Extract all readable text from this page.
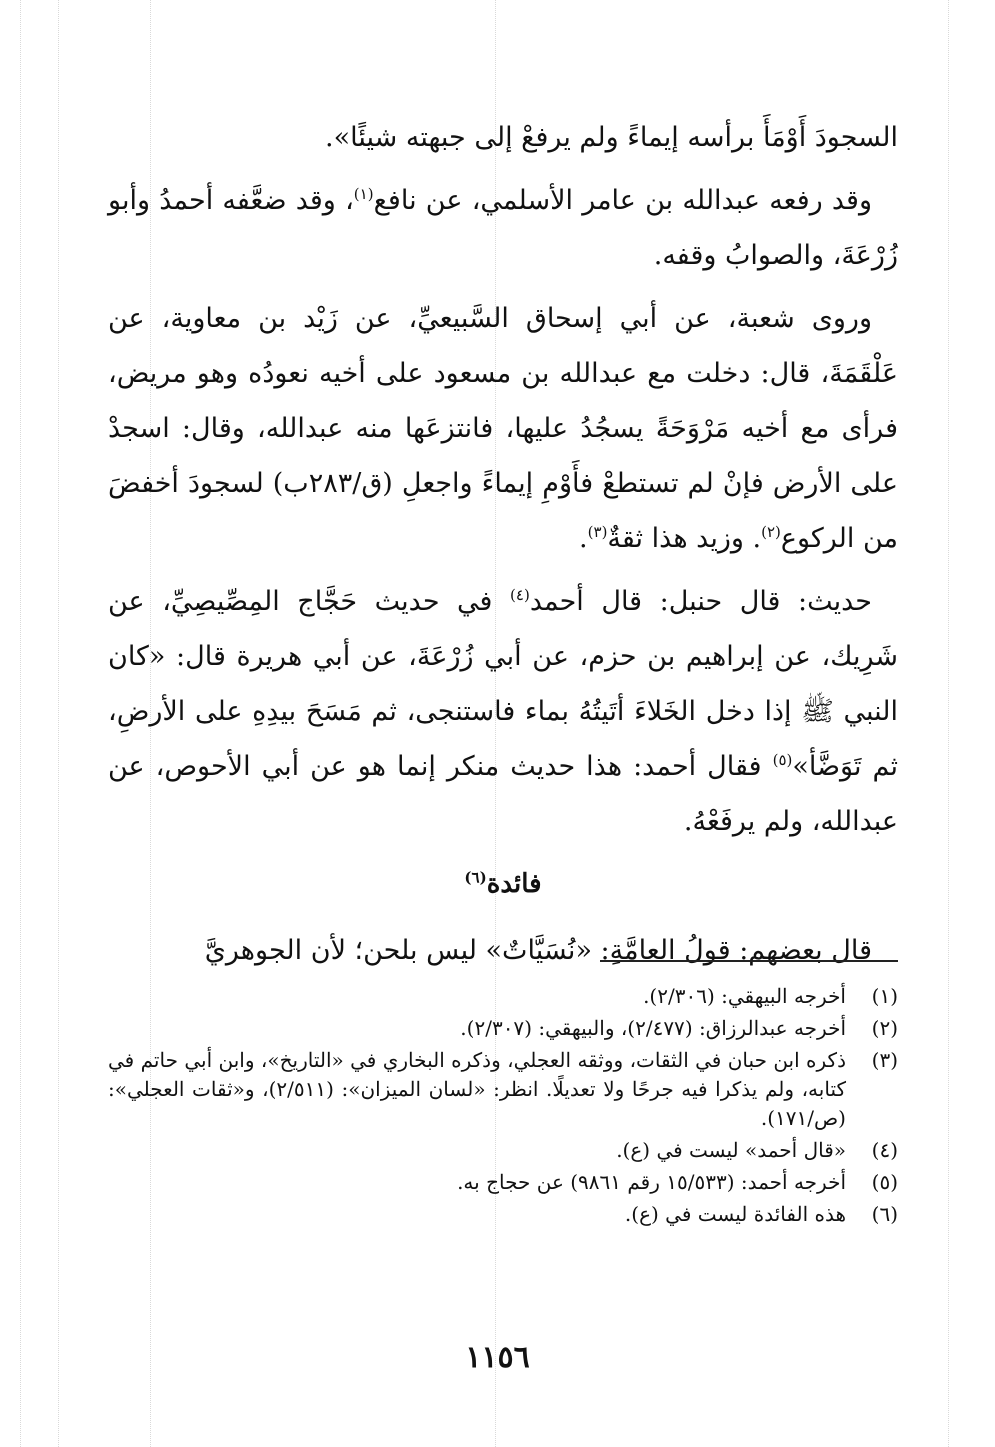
السجودَ أَوْمَأَ برأسه إيماءً ولم يرفعْ إلى جبهته شيئًا».

وقد رفعه عبدالله بن عامر الأسلمي، عن نافع$^{(١)}$، وقد ضعَّفه أحمدُ وأبو زُرْعَةَ، والصوابُ وقفه.

وروى شعبة، عن أبي إسحاق السَّبيعيِّ، عن زَيْد بن معاوية، عن عَلْقَمَةَ، قال: دخلت مع عبدالله بن مسعود على أخيه نعودُه وهو مريض، فرأى مع أخيه مَرْوَحَةً يسجُدُ عليها، فانتزعَها منه عبدالله، وقال: اسجدْ على الأرض فإنْ لم تستطعْ فأَوْمِ إيماءً واجعلِ (ق/٢٨٣ب) لسجودَ أخفضَ من الركوع$^{(٢)}$. وزيد هذا ثقةٌ$^{(٣)}$.

حديث: قال حنبل: قال أحمد$^{(٤)}$ في حديث حَجَّاج المِصِّيصِيِّ، عن شَرِيك، عن إبراهيم بن حزم، عن أبي زُرْعَةَ، عن أبي هريرة قال: «كان النبي ﷺ إذا دخل الخَلاءَ أتَيتُهُ بماء فاستنجى، ثم مَسَحَ بيدِهِ على الأرضِ، ثم تَوَضَّأ»$^{(٥)}$ فقال أحمد: هذا حديث منكر إنما هو عن أبي الأحوص، عن عبدالله، ولم يرفَعْهُ.

فائدة$^{(٦)}$

قال بعضهم: قولُ العامَّةِ: «نُسَيَّاتٌ» ليس بلحن؛ لأن الجوهريَّ

(١)
أخرجه البيهقي: (٢/٣٠٦).
(٢)
أخرجه عبدالرزاق: (٢/٤٧٧)، والبيهقي: (٢/٣٠٧).
(٣)
ذكره ابن حبان في الثقات، ووثقه العجلي، وذكره البخاري في «التاريخ»، وابن أبي حاتم في كتابه، ولم يذكرا فيه جرحًا ولا تعديلًا. انظر: «لسان الميزان»: (٢/٥١١)، و«ثقات العجلي»: (ص/١٧١).
(٤)
«قال أحمد» ليست في (ع).
(٥)
أخرجه أحمد: (١٥/٥٣٣ رقم ٩٨٦١) عن حجاج به.
(٦)
هذه الفائدة ليست في (ع).
١١٥٦
